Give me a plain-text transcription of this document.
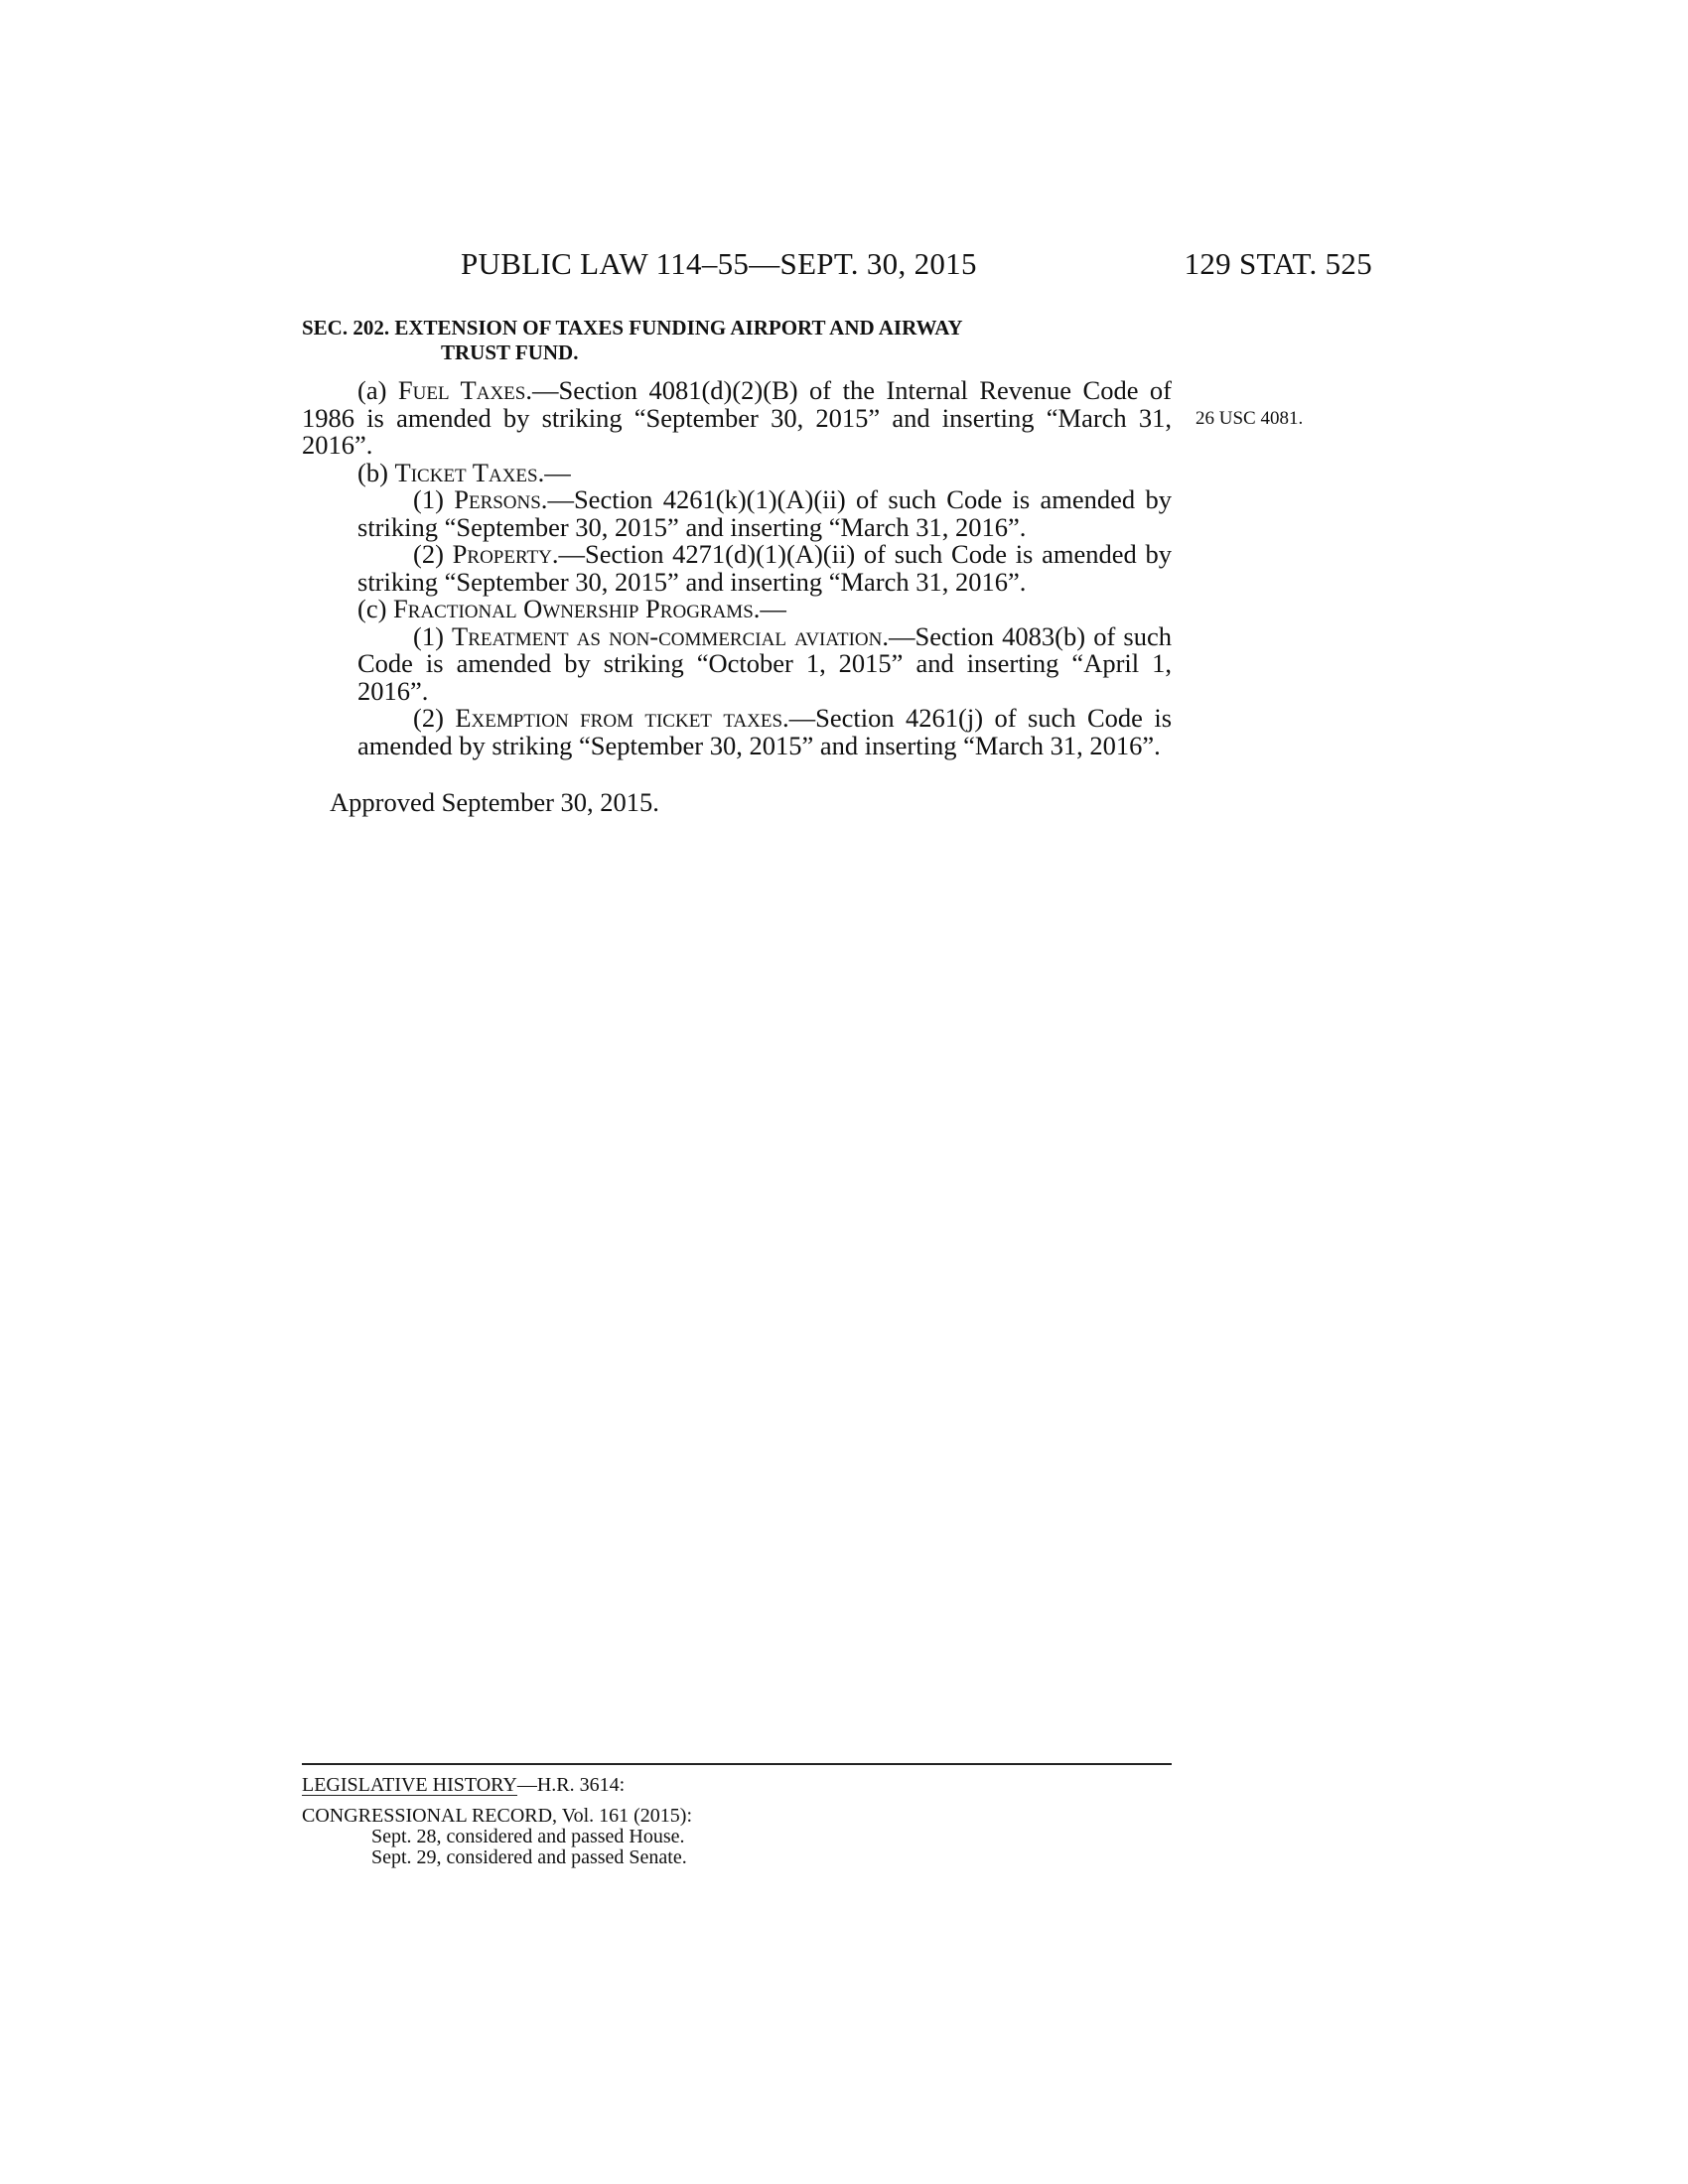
PUBLIC LAW 114–55—SEPT. 30, 2015	129 STAT. 525
26 USC 4081.
SEC. 202. EXTENSION OF TAXES FUNDING AIRPORT AND AIRWAY
TRUST FUND.

(a) Fuel Taxes.—Section 4081(d)(2)(B) of the Internal Revenue Code of 1986 is amended by striking “September 30, 2015” and inserting “March 31, 2016”.

(b) Ticket Taxes.—

(1) Persons.—Section 4261(k)(1)(A)(ii) of such Code is amended by striking “September 30, 2015” and inserting “March 31, 2016”.

(2) Property.—Section 4271(d)(1)(A)(ii) of such Code is amended by striking “September 30, 2015” and inserting “March 31, 2016”.

(c) Fractional Ownership Programs.—

(1) Treatment as non-commercial aviation.—Section 4083(b) of such Code is amended by striking “October 1, 2015” and inserting “April 1, 2016”.

(2) Exemption from ticket taxes.—Section 4261(j) of such Code is amended by striking “September 30, 2015” and inserting “March 31, 2016”.

Approved September 30, 2015.

LEGISLATIVE HISTORY—H.R. 3614:
CONGRESSIONAL RECORD, Vol. 161 (2015):
Sept. 28, considered and passed House.
Sept. 29, considered and passed Senate.
